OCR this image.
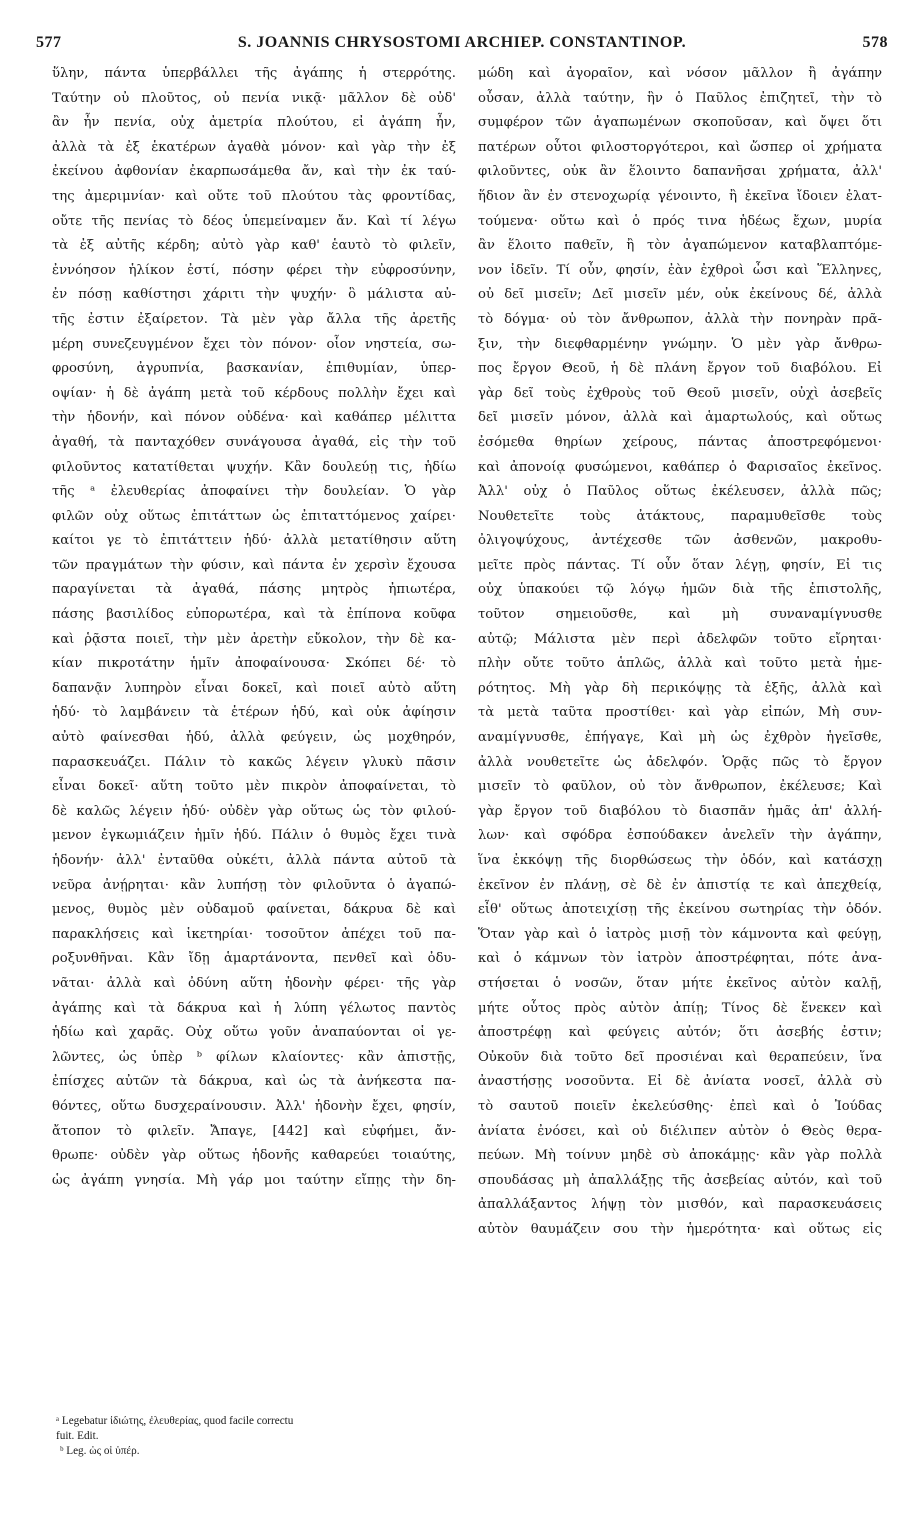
577	S. JOANNIS CHRYSOSTOMI ARCHIEP. CONSTANTINOP.	578
ὕλην, πάντα ὑπερβάλλει τῆς ἀγάπης ἡ στερρότης.
Ταύτην οὐ πλοῦτος, οὐ πενία νικᾷ· μᾶλλον δὲ οὐδ'
ἂν ἦν πενία, οὐχ ἀμετρία πλούτου, εἰ ἀγάπη ἦν,
ἀλλὰ τὰ ἐξ ἑκατέρων ἀγαθὰ μόνον· καὶ γὰρ τὴν ἐξ
ἐκείνου ἀφθονίαν ἐκαρπωσάμεθα ἄν, καὶ τὴν ἐκ ταύ-
της ἀμεριμνίαν· καὶ οὔτε τοῦ πλούτου τὰς φροντίδας,
οὔτε τῆς πενίας τὸ δέος ὑπεμείναμεν ἄν. Καὶ τί λέγω
τὰ ἐξ αὐτῆς κέρδη; αὐτὸ γὰρ καθ' ἑαυτὸ τὸ φιλεῖν,
ἐννόησον ἡλίκον ἐστί, πόσην φέρει τὴν εὐφροσύνην,
ἐν πόσῃ καθίστησι χάριτι τὴν ψυχήν· ὃ μάλιστα αὐ-
τῆς ἐστιν ἐξαίρετον. Τὰ μὲν γὰρ ἄλλα τῆς ἀρετῆς
μέρη συνεζευγμένον ἔχει τὸν πόνον· οἷον νηστεία, σω-
φροσύνη, ἀγρυπνία, βασκανίαν, ἐπιθυμίαν, ὑπερ-
οψίαν· ἡ δὲ ἀγάπη μετὰ τοῦ κέρδους πολλὴν ἔχει καὶ
τὴν ἡδονήν, καὶ πόνον οὐδένα· καὶ καθάπερ μέλιττα
ἀγαθή, τὰ πανταχόθεν συνάγουσα ἀγαθά, εἰς τὴν τοῦ
φιλοῦντος κατατίθεται ψυχήν. Κἂν δουλεύῃ τις, ἡδίω
τῆς ᵃ ἐλευθερίας ἀποφαίνει τὴν δουλείαν. Ὁ γὰρ
φιλῶν οὐχ οὕτως ἐπιτάττων ὡς ἐπιταττόμενος χαίρει·
καίτοι γε τὸ ἐπιτάττειν ἡδύ· ἀλλὰ μετατίθησιν αὕτη
τῶν πραγμάτων τὴν φύσιν, καὶ πάντα ἐν χερσὶν ἔχουσα
παραγίνεται τὰ ἀγαθά, πάσης μητρὸς ἠπιωτέρα,
πάσης βασιλίδος εὐπορωτέρα, καὶ τὰ ἐπίπονα κοῦφα
καὶ ῥᾷστα ποιεῖ, τὴν μὲν ἀρετὴν εὔκολον, τὴν δὲ κα-
κίαν πικροτάτην ἡμῖν ἀποφαίνουσα· Σκόπει δέ· τὸ
δαπανᾷν λυπηρὸν εἶναι δοκεῖ, καὶ ποιεῖ αὐτὸ αὕτη
ἡδύ· τὸ λαμβάνειν τὰ ἑτέρων ἡδύ, καὶ οὐκ ἀφίησιν
αὐτὸ φαίνεσθαι ἡδύ, ἀλλὰ φεύγειν, ὡς μοχθηρόν,
παρασκευάζει. Πάλιν τὸ κακῶς λέγειν γλυκὺ πᾶσιν
εἶναι δοκεῖ· αὕτη τοῦτο μὲν πικρὸν ἀποφαίνεται, τὸ
δὲ καλῶς λέγειν ἡδύ· οὐδὲν γὰρ οὕτως ὡς τὸν φιλού-
μενον ἐγκωμιάζειν ἡμῖν ἡδύ. Πάλιν ὁ θυμὸς ἔχει τινὰ
ἡδονήν· ἀλλ' ἐνταῦθα οὐκέτι, ἀλλὰ πάντα αὐτοῦ τὰ
νεῦρα ἀνῄρηται· κἂν λυπήσῃ τὸν φιλοῦντα ὁ ἀγαπώ-
μενος, θυμὸς μὲν οὐδαμοῦ φαίνεται, δάκρυα δὲ καὶ
παρακλήσεις καὶ ἱκετηρίαι· τοσοῦτον ἀπέχει τοῦ πα-
ροξυνθῆναι. Κἂν ἴδῃ ἁμαρτάνοντα, πενθεῖ καὶ ὀδυ-
νᾶται· ἀλλὰ καὶ ὀδύνη αὕτη ἡδονὴν φέρει· τῆς γὰρ
ἀγάπης καὶ τὰ δάκρυα καὶ ἡ λύπη γέλωτος παντὸς
ἡδίω καὶ χαρᾶς. Οὐχ οὕτω γοῦν ἀναπαύονται οἱ γε-
λῶντες, ὡς ὑπὲρ ᵇ φίλων κλαίοντες· κἂν ἀπιστῇς,
ἐπίσχες αὐτῶν τὰ δάκρυα, καὶ ὡς τὰ ἀνήκεστα πα-
θόντες, οὕτω δυσχεραίνουσιν. Ἀλλ' ἡδονὴν ἔχει, φησίν,
ἄτοπον τὸ φιλεῖν. Ἄπαγε, [442] καὶ εὐφήμει, ἄν-
θρωπε· οὐδὲν γὰρ οὕτως ἡδονῆς καθαρεύει τοιαύτης,
ὡς ἀγάπη γνησία. Μὴ γάρ μοι ταύτην εἴπῃς τὴν δη-
μώδη καὶ ἀγοραῖον, καὶ νόσον μᾶλλον ἢ ἀγάπην
οὖσαν, ἀλλὰ ταύτην, ἣν ὁ Παῦλος ἐπιζητεῖ, τὴν τὸ
συμφέρον τῶν ἀγαπωμένων σκοποῦσαν, καὶ ὄψει ὅτι
πατέρων οὗτοι φιλοστοργότεροι, καὶ ὥσπερ οἱ χρήματα
φιλοῦντες, οὐκ ἂν ἕλοιντο δαπανῆσαι χρήματα, ἀλλ'
ἥδιον ἂν ἐν στενοχωρίᾳ γένοιντο, ἢ ἐκεῖνα ἴδοιεν ἐλατ-
τούμενα· οὕτω καὶ ὁ πρός τινα ἡδέως ἔχων, μυρία
ἂν ἕλοιτο παθεῖν, ἢ τὸν ἀγαπώμενον καταβλαπτόμε-
νον ἰδεῖν. Τί οὖν, φησίν, ἐὰν ἐχθροὶ ὦσι καὶ Ἕλληνες,
οὐ δεῖ μισεῖν; Δεῖ μισεῖν μέν, οὐκ ἐκείνους δέ, ἀλλὰ
τὸ δόγμα· οὐ τὸν ἄνθρωπον, ἀλλὰ τὴν πονηρὰν πρᾶ-
ξιν, τὴν διεφθαρμένην γνώμην. Ὁ μὲν γὰρ ἄνθρω-
πος ἔργον Θεοῦ, ἡ δὲ πλάνη ἔργον τοῦ διαβόλου. Εἰ
γὰρ δεῖ τοὺς ἐχθροὺς τοῦ Θεοῦ μισεῖν, οὐχὶ ἀσεβεῖς
δεῖ μισεῖν μόνον, ἀλλὰ καὶ ἁμαρτωλούς, καὶ οὕτως
ἐσόμεθα θηρίων χείρους, πάντας ἀποστρεφόμενοι·
καὶ ἀπονοίᾳ φυσώμενοι, καθάπερ ὁ Φαρισαῖος ἐκεῖνος.
Ἀλλ' οὐχ ὁ Παῦλος οὕτως ἐκέλευσεν, ἀλλὰ πῶς;
Νουθετεῖτε τοὺς ἀτάκτους, παραμυθεῖσθε τοὺς
ὀλιγοψύχους, ἀντέχεσθε τῶν ἀσθενῶν, μακροθυ-
μεῖτε πρὸς πάντας. Τί οὖν ὅταν λέγῃ, φησίν, Εἰ τις
οὐχ ὑπακούει τῷ λόγῳ ἡμῶν διὰ τῆς ἐπιστολῆς,
τοῦτον σημειοῦσθε, καὶ μὴ συναναμίγνυσθε
αὐτῷ; Μάλιστα μὲν περὶ ἀδελφῶν τοῦτο εἴρηται·
πλὴν οὔτε τοῦτο ἁπλῶς, ἀλλὰ καὶ τοῦτο μετὰ ἡμε-
ρότητος. Μὴ γὰρ δὴ περικόψῃς τὰ ἑξῆς, ἀλλὰ καὶ
τὰ μετὰ ταῦτα προστίθει· καὶ γὰρ εἰπών, Μὴ συν-
αναμίγνυσθε, ἐπήγαγε, Καὶ μὴ ὡς ἐχθρὸν ἡγεῖσθε,
ἀλλὰ νουθετεῖτε ὡς ἀδελφόν. Ὁρᾷς πῶς τὸ ἔργον
μισεῖν τὸ φαῦλον, οὐ τὸν ἄνθρωπον, ἐκέλευσε; Καὶ
γὰρ ἔργον τοῦ διαβόλου τὸ διασπᾶν ἡμᾶς ἀπ' ἀλλή-
λων· καὶ σφόδρα ἐσπούδακεν ἀνελεῖν τὴν ἀγάπην,
ἵνα ἐκκόψῃ τῆς διορθώσεως τὴν ὁδόν, καὶ κατάσχῃ
ἐκεῖνον ἐν πλάνῃ, σὲ δὲ ἐν ἀπιστίᾳ τε καὶ ἀπεχθείᾳ,
εἶθ' οὕτως ἀποτειχίσῃ τῆς ἐκείνου σωτηρίας τὴν ὁδόν.
Ὅταν γὰρ καὶ ὁ ἰατρὸς μισῇ τὸν κάμνοντα καὶ φεύγῃ,
καὶ ὁ κάμνων τὸν ἰατρὸν ἀποστρέφηται, πότε ἀνα-
στήσεται ὁ νοσῶν, ὅταν μήτε ἐκεῖνος αὐτὸν καλῇ,
μήτε οὗτος πρὸς αὐτὸν ἀπίῃ; Τίνος δὲ ἕνεκεν καὶ
ἀποστρέφῃ καὶ φεύγεις αὐτόν; ὅτι ἀσεβής ἐστιν;
Οὐκοῦν διὰ τοῦτο δεῖ προσιέναι καὶ θεραπεύειν, ἵνα
ἀναστήσῃς νοσοῦντα. Εἰ δὲ ἀνίατα νοσεῖ, ἀλλὰ σὺ
τὸ σαυτοῦ ποιεῖν ἐκελεύσθης· ἐπεὶ καὶ ὁ Ἰούδας
ἀνίατα ἐνόσει, καὶ οὐ διέλιπεν αὐτὸν ὁ Θεὸς θερα-
πεύων. Μὴ τοίνυν μηδὲ σὺ ἀποκάμῃς· κἂν γὰρ πολλὰ
σπουδάσας μὴ ἀπαλλάξῃς τῆς ἀσεβείας αὐτόν, καὶ τοῦ
ἀπαλλάξαντος λήψῃ τὸν μισθόν, καὶ παρασκευάσεις
αὐτὸν θαυμάζειν σου τὴν ἡμερότητα· καὶ οὕτως εἰς
ᵃ Legebatur ἰδιώτης, ἐλευθερίας, quod facile correctu
fuit. Edit.
ᵇ Leg. ὡς οἱ ὑπέρ.
